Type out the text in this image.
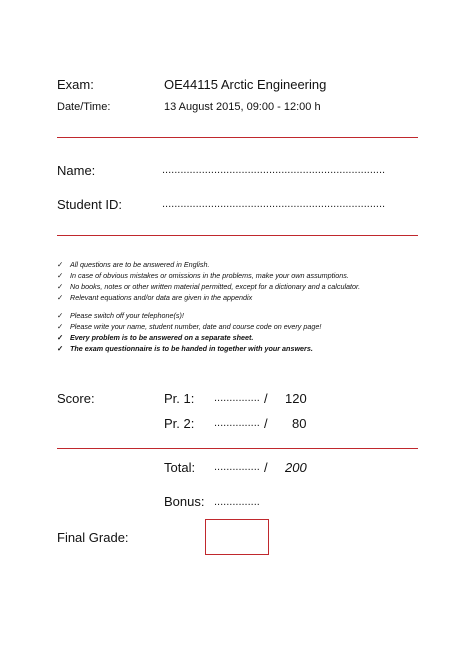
Exam:	OE44115 Arctic Engineering
Date/Time:	13 August 2015, 09:00 - 12:00 h
Name:	.........................................................................
Student ID:	.........................................................................
✓ All questions are to be answered in English.
✓ In case of obvious mistakes or omissions in the problems, make your own assumptions.
✓ No books, notes or other written material permitted, except for a dictionary and a calculator.
✓ Relevant equations and/or data are given in the appendix
✓ Please switch off your telephone(s)!
✓ Please write your name, student number, date and course code on every page!
✓ Every problem is to be answered on a separate sheet.
✓ The exam questionnaire is to be handed in together with your answers.
Score:	Pr. 1: ............... / 120
Pr. 2: ............... / 80
Total: ............... / 200
Bonus: ...............
Final Grade:
